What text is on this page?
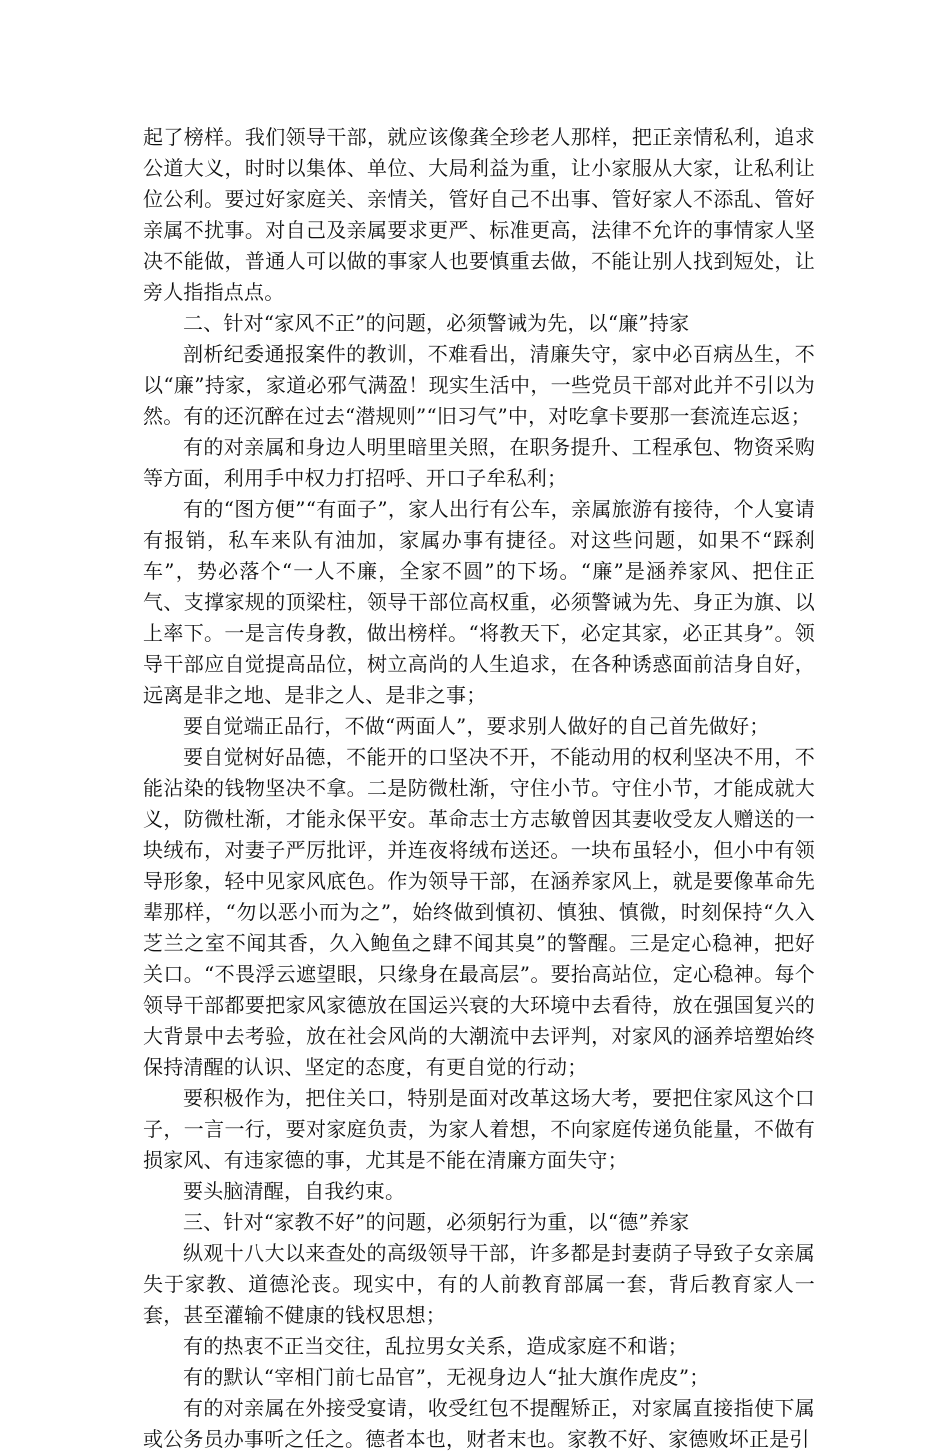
起了榜样。我们领导干部，就应该像龚全珍老人那样，把正亲情私利，追求公道大义，时时以集体、单位、大局利益为重，让小家服从大家，让私利让位公利。要过好家庭关、亲情关，管好自己不出事、管好家人不添乱、管好亲属不扰事。对自己及亲属要求更严、标准更高，法律不允许的事情家人坚决不能做，普通人可以做的事家人也要慎重去做，不能让别人找到短处，让旁人指指点点。

二、针对“家风不正”的问题，必须警诫为先，以“廉”持家

剖析纪委通报案件的教训，不难看出，清廉失守，家中必百病丛生，不以“廉”持家，家道必邪气满盈！现实生活中，一些党员干部对此并不引以为然。有的还沉醉在过去“潜规则”“旧习气”中，对吃拿卡要那一套流连忘返；

有的对亲属和身边人明里暗里关照，在职务提升、工程承包、物资采购等方面，利用手中权力打招呼、开口子牟私利；

有的“图方便”“有面子”，家人出行有公车，亲属旅游有接待，个人宴请有报销，私车来队有油加，家属办事有捷径。对这些问题，如果不“踩刹车”，势必落个“一人不廉，全家不圆”的下场。“廉”是涵养家风、把住正气、支撑家规的顶梁柱，领导干部位高权重，必须警诫为先、身正为旗、以上率下。一是言传身教，做出榜样。“将教天下，必定其家，必正其身”。领导干部应自觉提高品位，树立高尚的人生追求，在各种诱惑面前洁身自好，远离是非之地、是非之人、是非之事；

要自觉端正品行，不做“两面人”，要求别人做好的自己首先做好；

要自觉树好品德，不能开的口坚决不开，不能动用的权利坚决不用，不能沾染的钱物坚决不拿。二是防微杜渐，守住小节。守住小节，才能成就大义，防微杜渐，才能永保平安。革命志士方志敏曾因其妻收受友人赠送的一块绒布，对妻子严厉批评，并连夜将绒布送还。一块布虽轻小，但小中有领导形象，轻中见家风底色。作为领导干部，在涵养家风上，就是要像革命先辈那样，“勿以恶小而为之”，始终做到慎初、慎独、慎微，时刻保持“久入芝兰之室不闻其香，久入鲍鱼之肆不闻其臭”的警醒。三是定心稳神，把好关口。“不畏浮云遮望眼，只缘身在最高层”。要抬高站位，定心稳神。每个领导干部都要把家风家德放在国运兴衰的大环境中去看待，放在强国复兴的大背景中去考验，放在社会风尚的大潮流中去评判，对家风的涵养培塑始终保持清醒的认识、坚定的态度，有更自觉的行动；

要积极作为，把住关口，特别是面对改革这场大考，要把住家风这个口子，一言一行，要对家庭负责，为家人着想，不向家庭传递负能量，不做有损家风、有违家德的事，尤其是不能在清廉方面失守；

要头脑清醒，自我约束。

三、针对“家教不好”的问题，必须躬行为重，以“德”养家

纵观十八大以来查处的高级领导干部，许多都是封妻荫子导致子女亲属失于家教、道德沦丧。现实中，有的人前教育部属一套，背后教育家人一套，甚至灌输不健康的钱权思想；

有的热衷不正当交往，乱拉男女关系，造成家庭不和谐；

有的默认“宰相门前七品官”，无视身边人“扯大旗作虎皮”；

有的对亲属在外接受宴请，收受红包不提醒矫正，对家属直接指使下属或公务员办事听之任之。德者本也，财者末也。家教不好、家德败坏正是引
